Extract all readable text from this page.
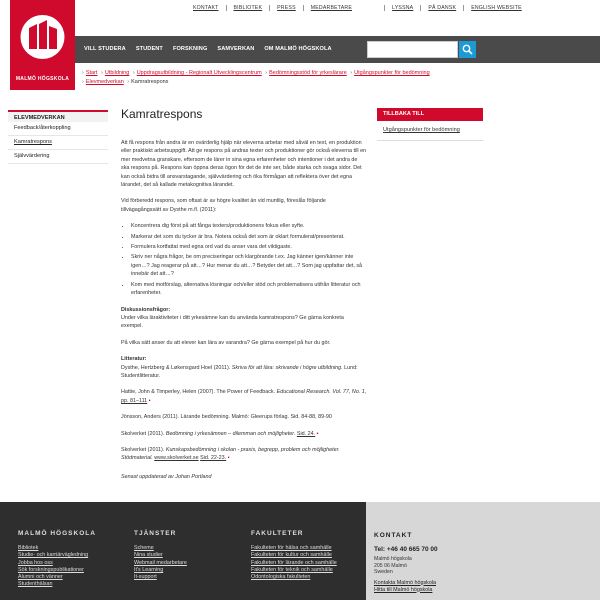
KONTAKT	BIBLIOTEK	PRESS	MEDARBETARE	LYSSNA	PÅ DANSK	ENGLISH WEBSITE
MALMÖ HÖGSKOLA
VILL STUDERA STUDENT FORSKNING SAMVERKAN OM MALMÖ HÖGSKOLA
› Start › Utbildning › Uppdragsutbildning - Regionalt Utvecklingscentrum › Bedömningsstöd för yrkeslärare › Utgångspunkter för bedömning › Elevmedverkan › Kamratrespons
ELEVMEDVERKAN
Feedback/återkoppling
Kamratrespons
Självvärdering
Kamratrespons

Att få respons från andra är en ovärderlig hjälp när eleverna arbetar med såväl en text, en produktion eller praktiskt arbetsuppgift. Att ge respons på andras texter och produktioner gör också eleverna till en mer medvetna granskare, eftersom de lärer in sina egna erfarenheter och intentioner i det andra de ska respons på. Respons kan öppna deras ögon för det de inte ser, både starka och svaga sidor. Det kan också bidra till ansvarstagande, självvärdering och öka förmågan att reflektera över det egna lärandet, det så kallade metakognitiva lärandet.

Vid förberedd respons, som oftast är av högre kvalitet än vid muntlig, föreslås följande tillvägagångssätt av Dysthe m.fl. (2011):

• Koncentrera dig först på att fånga texters/produktionens fokus eller syfte.
• Markerar det som du tycker är bra. Notera också det som är oklart formulerat/presenterat.
• Formulera kortfattat med egna ord vad du anser vara det viktigaste.
• Skriv ner några frågor, be om preciseringar och klargörande t.ex. Jag känner igen/känner inte igen…? Jag reagerar på att…? Hur menar du att…? Betyder det att…? Som jag uppfattar det, så innebär det att…?
• Kom med motförslag, alternativa lösningar och/eller stöd och problematisera utifrån litteratur och erfarenheter.

Diskussionsfrågor:

Under vilka läraktiviteter i ditt yrkesämne kan du använda kamratrespons? Ge gärna konkreta exempel.

På vilka sätt anser du att elever kan lära av varandra? Ge gärna exempel på hur du gör.

Litteratur:

Dysthe, Hertzberg & Løkensgard Hoel (2011). Skriva för att lära: skrivande i högre utbildning. Lund: Studentlitteratur.

Hattie, John & Timperley, Helen (2007). The Power of Feedback. Educational Research. Vol. 77, No. 1, pp. 81–111 ▪

Jönsson, Anders (2011). Lärande bedömning. Malmö: Gleerups förlag. Sid. 84-88, 89-90

Skolverket (2011). Bedömning i yrkesämnen – dilemman och möjligheter. Sid. 24. ▪

Skolverket (2011). Kunskapsbedömning i skolan - praxis, begrepp, problem och möjligheter. Stödmaterial. www.skolverket.se Sid. 22-23. ▪

Senast uppdaterad av Johan Portland

TILLBAKA TILL
Utgångspunkter för bedömning
MALMÖ HÖGSKOLA
Bibliotek
Studie- och karriärvägledning
Jobba hos oss
Sök forskningspublikationer
Alumni och vänner
Studenthälsan
TJÄNSTER
Scheme
Nina studier
Webmail medarbetare
It's Learning
It-support
FAKULTETER
Fakulteten för hälsa och samhälle
Fakulteten för kultur och samhälle
Fakulteten för lärande och samhälle
Fakulteten för teknik och samhälle
Odontologiska fakulteten
KONTAKT
Tel: +46 40 665 70 00
Malmö högskola
205 06 Malmö
Sweden
Kontakta Malmö högskola
Hitta till Malmö högskola
